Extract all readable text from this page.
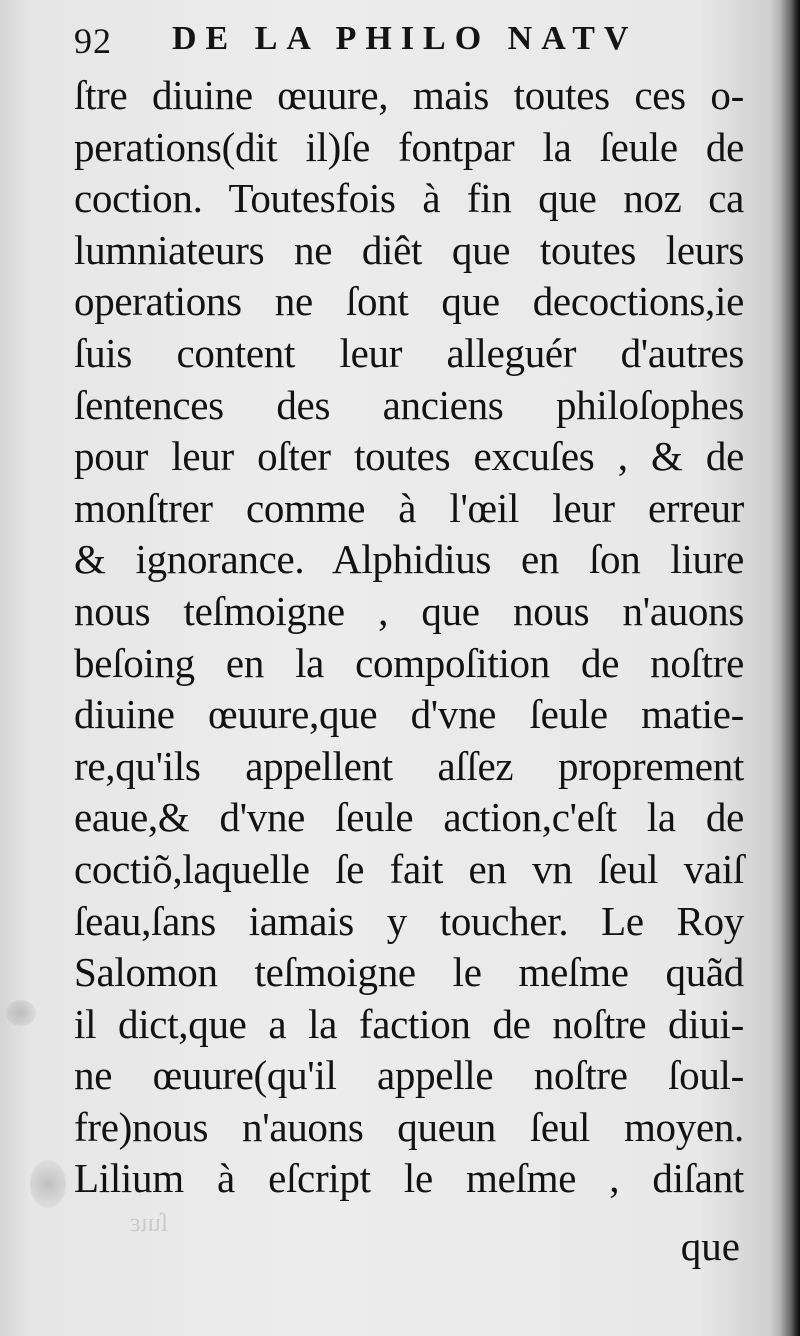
92 DE LA PHILO NATV
ſtre diuine œuure, mais toutes ces o-
perations(dit il)ſe fontpar la ſeule de
coction. Toutesfois à fin que noz ca
lumniateurs ne diêt que toutes leurs
operations ne ſont que decoctions,ie
ſuis content leur alleguér d'autres
ſentences des anciens philoſophes
pour leur oſter toutes excuſes , & de
monſtrer comme à l'œil leur erreur
& ignorance. Alphidius en ſon liure
nous teſmoigne , que nous n'auons
beſoing en la compoſition de noſtre
diuine œuure,que d'vne ſeule matie-
re,qu'ils appellent aſſez proprement
eaue,& d'vne ſeule action,c'eſt la de
coctiõ,laquelle ſe fait en vn ſeul vaiſ
ſeau,ſans iamais y toucher. Le Roy
Salomon teſmoigne le meſme quãd
il dict,que a la faction de noſtre diui-
ne œuure(qu'il appelle noſtre ſoul-
fre)nous n'auons queun ſeul moyen.
Lilium à eſcript le meſme , diſant
ſuιε
que
